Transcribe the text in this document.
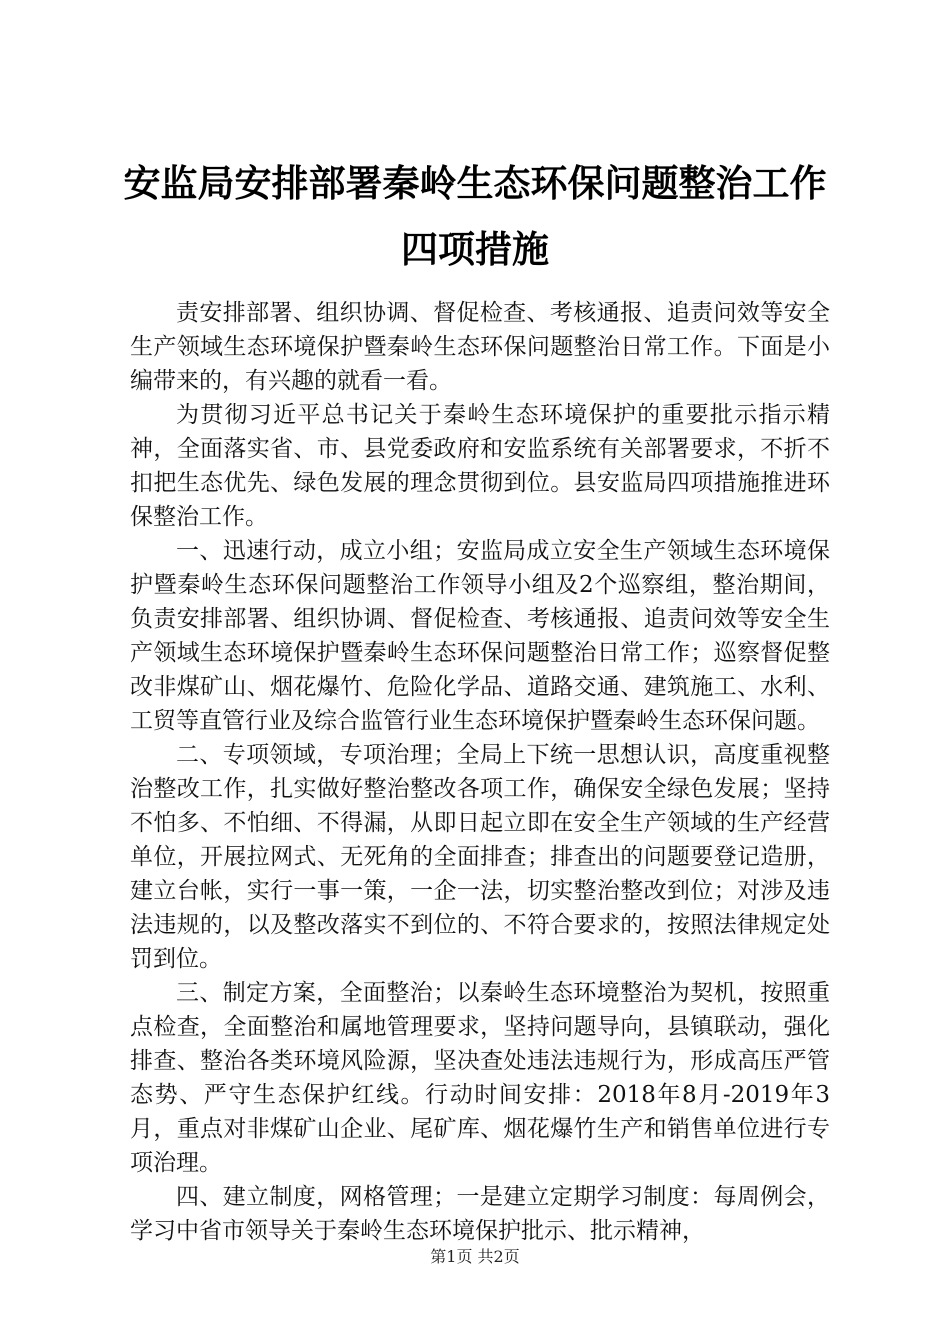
安监局安排部署秦岭生态环保问题整治工作四项措施

责安排部署、组织协调、督促检查、考核通报、追责问效等安全生产领域生态环境保护暨秦岭生态环保问题整治日常工作。下面是小编带来的，有兴趣的就看一看。

为贯彻习近平总书记关于秦岭生态环境保护的重要批示指示精神，全面落实省、市、县党委政府和安监系统有关部署要求，不折不扣把生态优先、绿色发展的理念贯彻到位。县安监局四项措施推进环保整治工作。

一、迅速行动，成立小组；安监局成立安全生产领域生态环境保护暨秦岭生态环保问题整治工作领导小组及2个巡察组，整治期间，负责安排部署、组织协调、督促检查、考核通报、追责问效等安全生产领域生态环境保护暨秦岭生态环保问题整治日常工作；巡察督促整改非煤矿山、烟花爆竹、危险化学品、道路交通、建筑施工、水利、工贸等直管行业及综合监管行业生态环境保护暨秦岭生态环保问题。

二、专项领域，专项治理；全局上下统一思想认识，高度重视整治整改工作，扎实做好整治整改各项工作，确保安全绿色发展；坚持不怕多、不怕细、不得漏，从即日起立即在安全生产领域的生产经营单位，开展拉网式、无死角的全面排查；排查出的问题要登记造册，建立台帐，实行一事一策，一企一法，切实整治整改到位；对涉及违法违规的，以及整改落实不到位的、不符合要求的，按照法律规定处罚到位。

三、制定方案，全面整治；以秦岭生态环境整治为契机，按照重点检查，全面整治和属地管理要求，坚持问题导向，县镇联动，强化排查、整治各类环境风险源，坚决查处违法违规行为，形成高压严管态势、严守生态保护红线。行动时间安排：2018年8月-2019年3月，重点对非煤矿山企业、尾矿库、烟花爆竹生产和销售单位进行专项治理。

四、建立制度，网格管理；一是建立定期学习制度：每周例会，学习中省市领导关于秦岭生态环境保护批示、批示精神，

第1页 共2页
